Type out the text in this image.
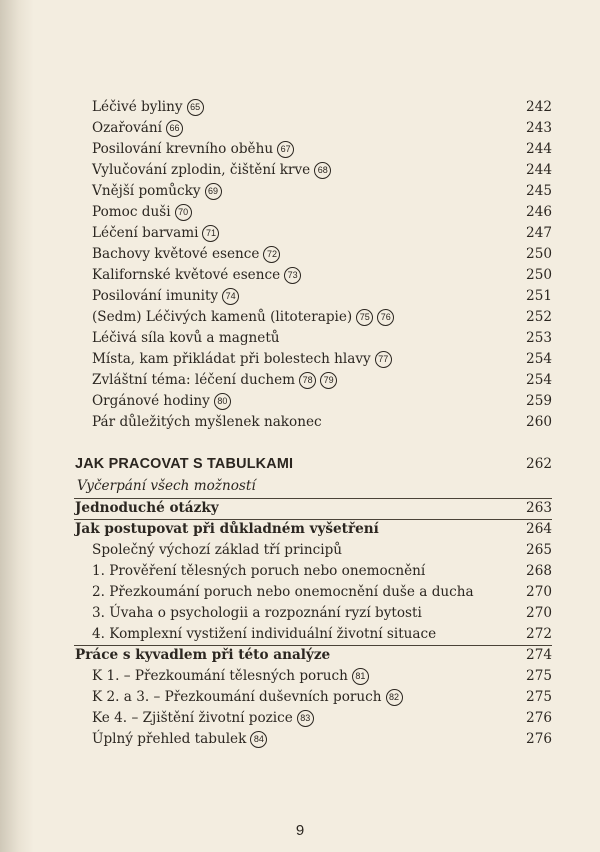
Léčivé byliny 65	242
Ozařování 66	243
Posilování krevního oběhu 67	244
Vylučování zplodin, čištění krve 68	244
Vnější pomůcky 69	245
Pomoc duši 70	246
Léčení barvami 71	247
Bachovy květové esence 72	250
Kalifornské květové esence 73	250
Posilování imunity 74	251
(Sedm) Léčivých kamenů (litoterapie) 75 76	252
Léčivá síla kovů a magnetů	253
Místa, kam přikládat při bolestech hlavy 77	254
Zvláštní téma: léčení duchem 78 79	254
Orgánové hodiny 80	259
Pár důležitých myšlenek nakonec	260
JAK PRACOVAT S TABULKAMI	262
Vyčerpání všech možností
Jednoduché otázky	263
Jak postupovat při důkladném vyšetření	264
Společný výchozí základ tří principů	265
1. Prověření tělesných poruch nebo onemocnění	268
2. Přezkoumání poruch nebo onemocnění duše a ducha	270
3. Úvaha o psychologii a rozpoznání ryzí bytosti	270
4. Komplexní vystižení individuální životní situace	272
Práce s kyvadlem při této analýze	274
K 1. – Přezkoumání tělesných poruch 81	275
K 2. a 3. – Přezkoumání duševních poruch 82	275
Ke 4. – Zjištění životní pozice 83	276
Úplný přehled tabulek 84	276
9
